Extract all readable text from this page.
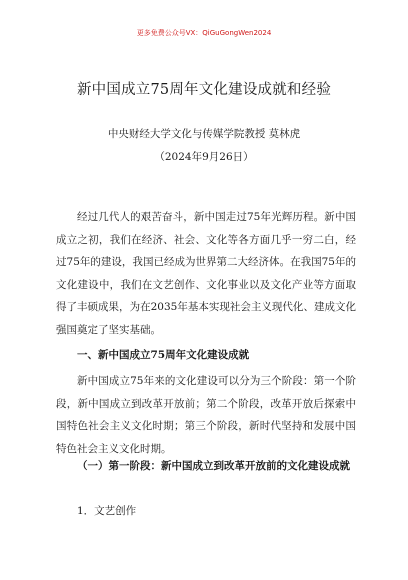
更多免费公众号VX：QiGuGongWen2024
新中国成立75周年文化建设成就和经验
中央财经大学文化与传媒学院教授 莫林虎
（2024年9月26日）

经过几代人的艰苦奋斗，新中国走过75年光辉历程。新中国成立之初，我们在经济、社会、文化等各方面几乎一穷二白，经过75年的建设，我国已经成为世界第二大经济体。在我国75年的文化建设中，我们在文艺创作、文化事业以及文化产业等方面取得了丰硕成果，为在2035年基本实现社会主义现代化、建成文化强国奠定了坚实基础。

一、新中国成立75周年文化建设成就

新中国成立75年来的文化建设可以分为三个阶段：第一个阶段，新中国成立到改革开放前；第二个阶段，改革开放后探索中国特色社会主义文化时期；第三个阶段，新时代坚持和发展中国特色社会主义文化时期。

（一）第一阶段：新中国成立到改革开放前的文化建设成就

1．文艺创作
